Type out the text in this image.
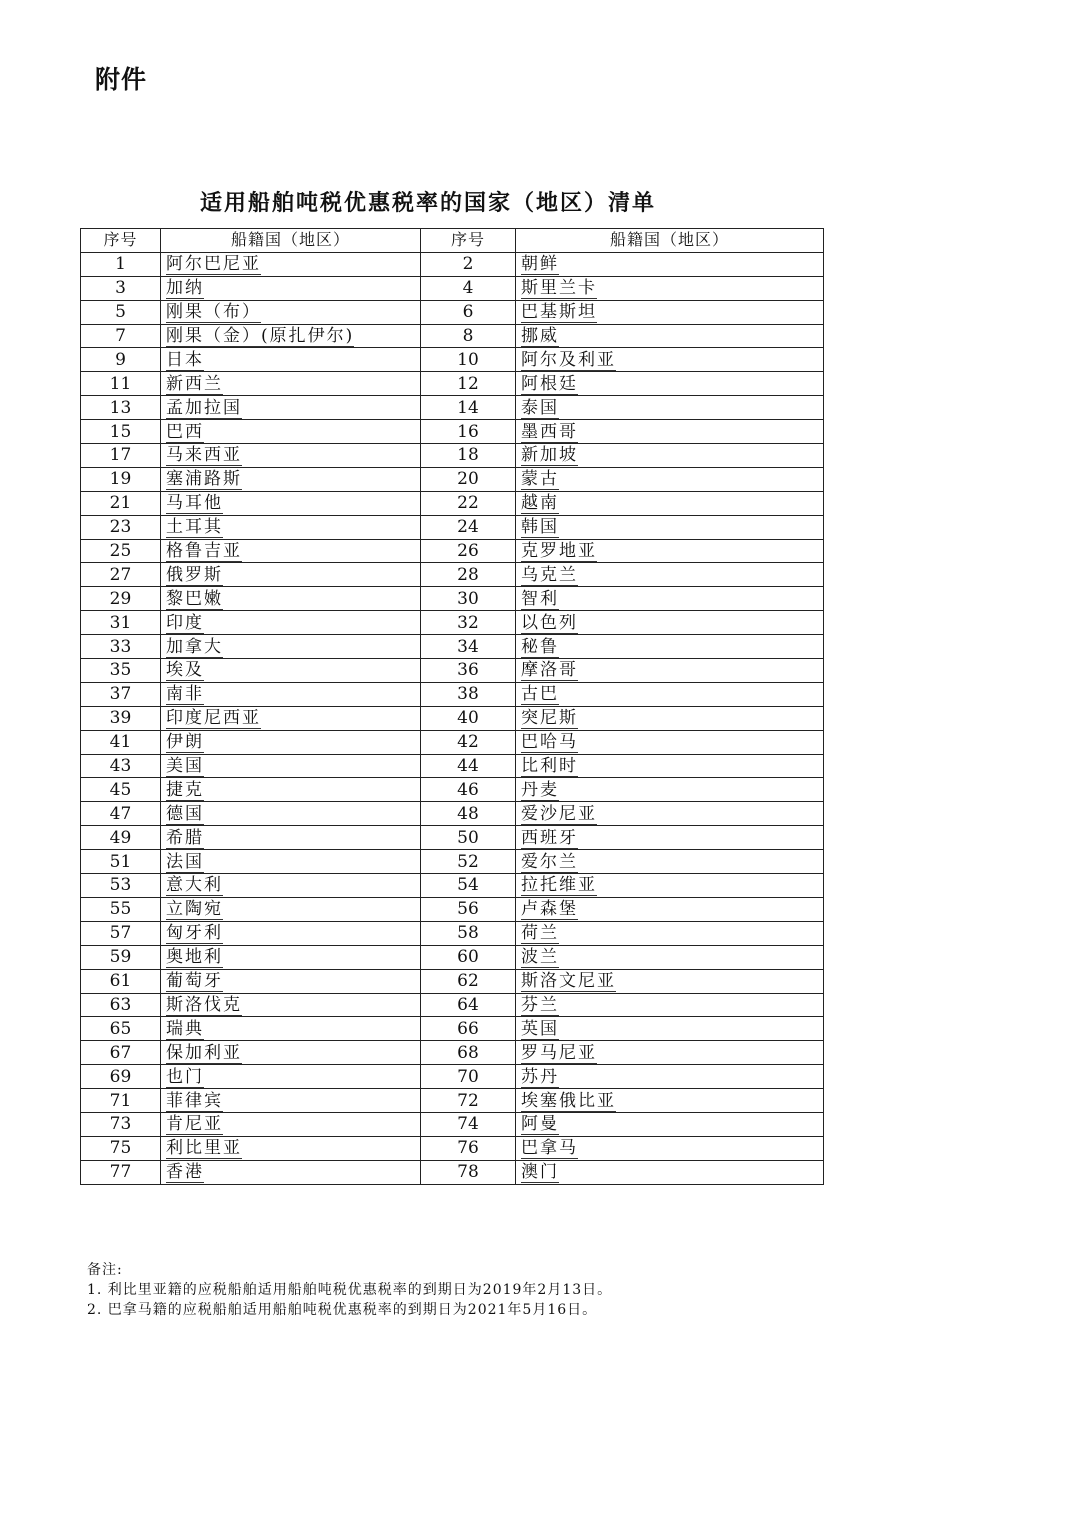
附件
适用船舶吨税优惠税率的国家（地区）清单
序号	船籍国（地区）	序号	船籍国（地区）
1	阿尔巴尼亚	2	朝鲜
3	加纳	4	斯里兰卡
5	刚果（布）	6	巴基斯坦
7	刚果（金）(原扎伊尔)	8	挪威
9	日本	10	阿尔及利亚
11	新西兰	12	阿根廷
13	孟加拉国	14	泰国
15	巴西	16	墨西哥
17	马来西亚	18	新加坡
19	塞浦路斯	20	蒙古
21	马耳他	22	越南
23	土耳其	24	韩国
25	格鲁吉亚	26	克罗地亚
27	俄罗斯	28	乌克兰
29	黎巴嫩	30	智利
31	印度	32	以色列
33	加拿大	34	秘鲁
35	埃及	36	摩洛哥
37	南非	38	古巴
39	印度尼西亚	40	突尼斯
41	伊朗	42	巴哈马
43	美国	44	比利时
45	捷克	46	丹麦
47	德国	48	爱沙尼亚
49	希腊	50	西班牙
51	法国	52	爱尔兰
53	意大利	54	拉托维亚
55	立陶宛	56	卢森堡
57	匈牙利	58	荷兰
59	奥地利	60	波兰
61	葡萄牙	62	斯洛文尼亚
63	斯洛伐克	64	芬兰
65	瑞典	66	英国
67	保加利亚	68	罗马尼亚
69	也门	70	苏丹
71	菲律宾	72	埃塞俄比亚
73	肯尼亚	74	阿曼
75	利比里亚	76	巴拿马
77	香港	78	澳门

备注:

1. 利比里亚籍的应税船舶适用船舶吨税优惠税率的到期日为2019年2月13日。

2. 巴拿马籍的应税船舶适用船舶吨税优惠税率的到期日为2021年5月16日。
